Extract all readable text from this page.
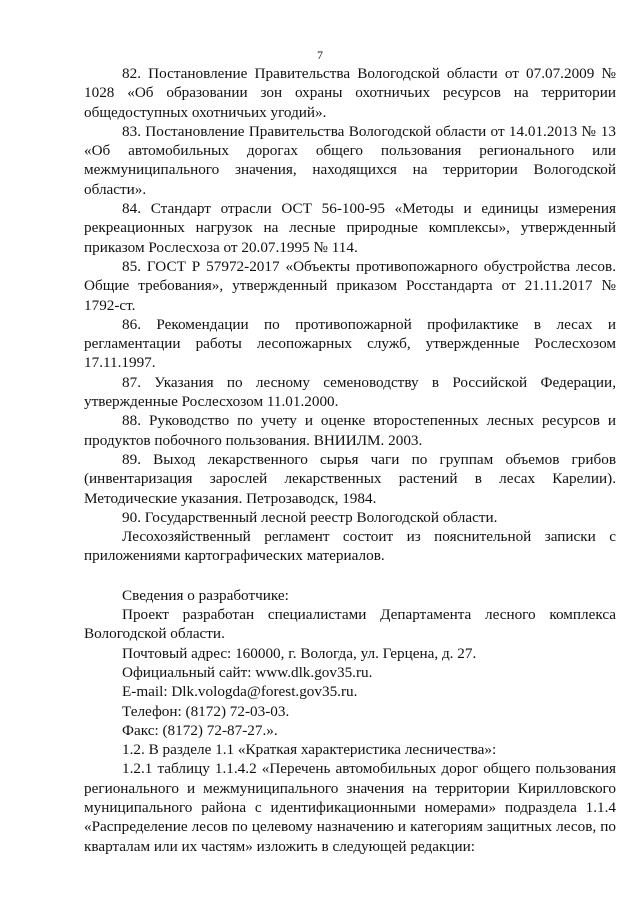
7

82. Постановление Правительства Вологодской области от 07.07.2009 № 1028 «Об образовании зон охраны охотничьих ресурсов на территории общедоступных охотничьих угодий».

83. Постановление Правительства Вологодской области от 14.01.2013 № 13 «Об автомобильных дорогах общего пользования регионального или межмуниципального значения, находящихся на территории Вологодской области».

84. Стандарт отрасли ОСТ 56-100-95 «Методы и единицы измерения рекреационных нагрузок на лесные природные комплексы», утвержденный приказом Рослесхоза от 20.07.1995 № 114.

85. ГОСТ Р 57972-2017 «Объекты противопожарного обустройства лесов. Общие требования», утвержденный приказом Росстандарта от 21.11.2017 № 1792-ст.

86. Рекомендации по противопожарной профилактике в лесах и регламентации работы лесопожарных служб, утвержденные Рослесхозом 17.11.1997.

87. Указания по лесному семеноводству в Российской Федерации, утвержденные Рослесхозом 11.01.2000.

88. Руководство по учету и оценке второстепенных лесных ресурсов и продуктов побочного пользования. ВНИИЛМ. 2003.

89. Выход лекарственного сырья чаги по группам объемов грибов (инвентаризация зарослей лекарственных растений в лесах Карелии). Методические указания. Петрозаводск, 1984.

90. Государственный лесной реестр Вологодской области.

Лесохозяйственный регламент состоит из пояснительной записки с приложениями картографических материалов.

Сведения о разработчике:

Проект разработан специалистами Департамента лесного комплекса Вологодской области.

Почтовый адрес: 160000, г. Вологда, ул. Герцена, д. 27.

Официальный сайт: www.dlk.gov35.ru.

E-mail: Dlk.vologda@forest.gov35.ru.

Телефон: (8172) 72-03-03.

Факс: (8172) 72-87-27.».

1.2. В разделе 1.1 «Краткая характеристика лесничества»:

1.2.1 таблицу 1.1.4.2 «Перечень автомобильных дорог общего пользования регионального и межмуниципального значения на территории Кирилловского муниципального района с идентификационными номерами» подраздела 1.1.4 «Распределение лесов по целевому назначению и категориям защитных лесов, по кварталам или их частям» изложить в следующей редакции:
